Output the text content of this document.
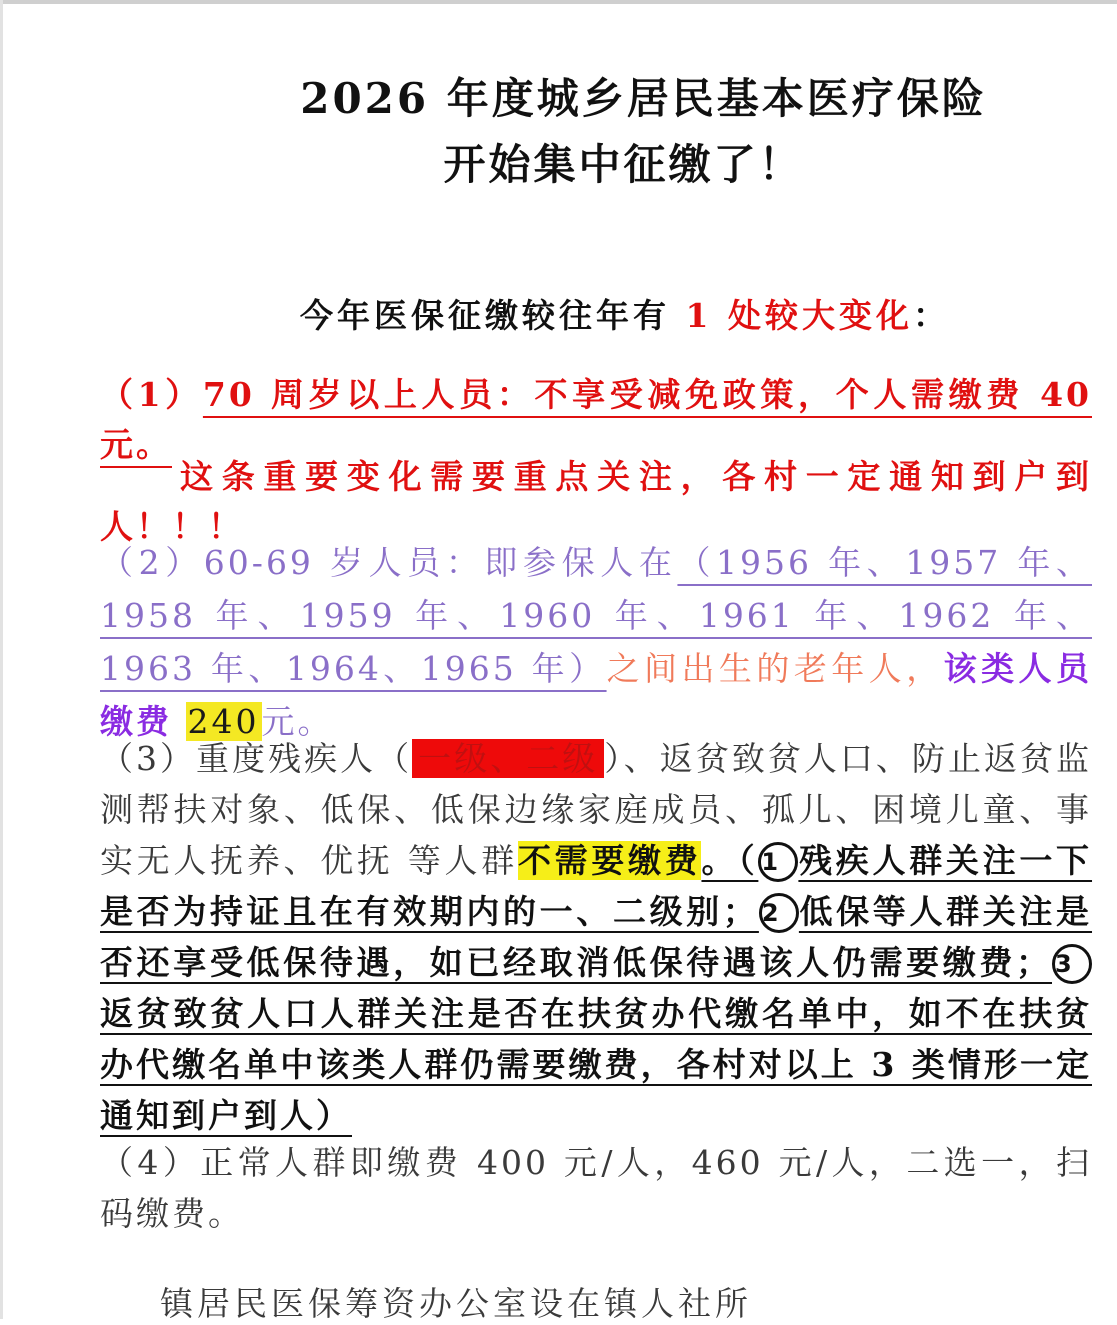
2026 年度城乡居民基本医疗保险
开始集中征缴了！
今年医保征缴较往年有 1 处较大变化：
（1）70 周岁以上人员：不享受减免政策，个人需缴费 40 元。
这条重要变化需要重点关注，各村一定通知到户到人！！！
（2）60-69 岁人员：即参保人在（1956 年、1957 年、1958 年、1959 年、1960 年、1961 年、1962 年、1963 年、1964、1965 年）之间出生的老年人，该类人员缴费 240元。
（3）重度残疾人（ 一级、二级 ）、返贫致贫人口、防止返贫监测帮扶对象、低保、低保边缘家庭成员、孤儿、困境儿童、事实无人抚养、优抚 等人群不需要缴费。（ 1 残疾人群关注一下是否为持证且在有效期内的一、二级别； 2 低保等人群关注是否还享受低保待遇，如已经取消低保待遇该人仍需要缴费； 3返贫致贫人口人群关注是否在扶贫办代缴名单中，如不在扶贫办代缴名单中该类人群仍需要缴费，各村对以上 3 类情形一定通知到户到人）
（4）正常人群即缴费 400 元/人，460 元/人，二选一，扫码缴费。
镇居民医保筹资办公室设在镇人社所
